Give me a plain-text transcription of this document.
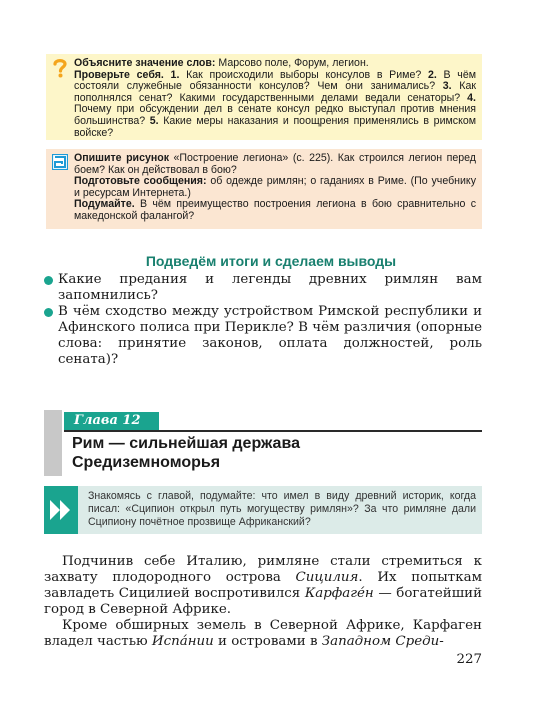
Объясните значение слов: Марсово поле, Форум, легион.

Проверьте себя. 1. Как происходили выборы консулов в Риме? 2. В чём состояли служебные обязанности консулов? Чем они занимались? 3. Как пополнялся сенат? Какими государственными делами ведали сенаторы? 4. Почему при обсуждении дел в сенате консул редко выступал против мнения большинства? 5. Какие меры наказания и поощрения применялись в римском войске?

Опишите рисунок «Построение легиона» (с. 225). Как строился легион перед боем? Как он действовал в бою?

Подготовьте сообщения: об одежде римлян; о гаданиях в Риме. (По учебнику и ресурсам Интернета.)

Подумайте. В чём преимущество построения легиона в бою сравнительно с македонской фалангой?

Подведём итоги и сделаем выводы
Какие предания и легенды древних римлян вам запомнились?
В чём сходство между устройством Римской республики и Афинского полиса при Перикле? В чём различия (опорные слова: принятие законов, оплата должностей, роль сената)?
Глава 12
Рим — сильнейшая держава
Средиземноморья

Знакомясь с главой, подумайте: что имел в виду древний историк, когда писал: «Сципион открыл путь могуществу римлян»? За что римляне дали Сципиону почётное прозвище Африканский?

Подчинив себе Италию, римляне стали стремиться к захвату плодородного острова Сицилия. Их попыткам завладеть Сицилией воспротивился Карфаге́н — богатейший город в Северной Африке.

Кроме обширных земель в Северной Африке, Карфаген владел частью Испа́нии и островами в Западном Среди-

227
